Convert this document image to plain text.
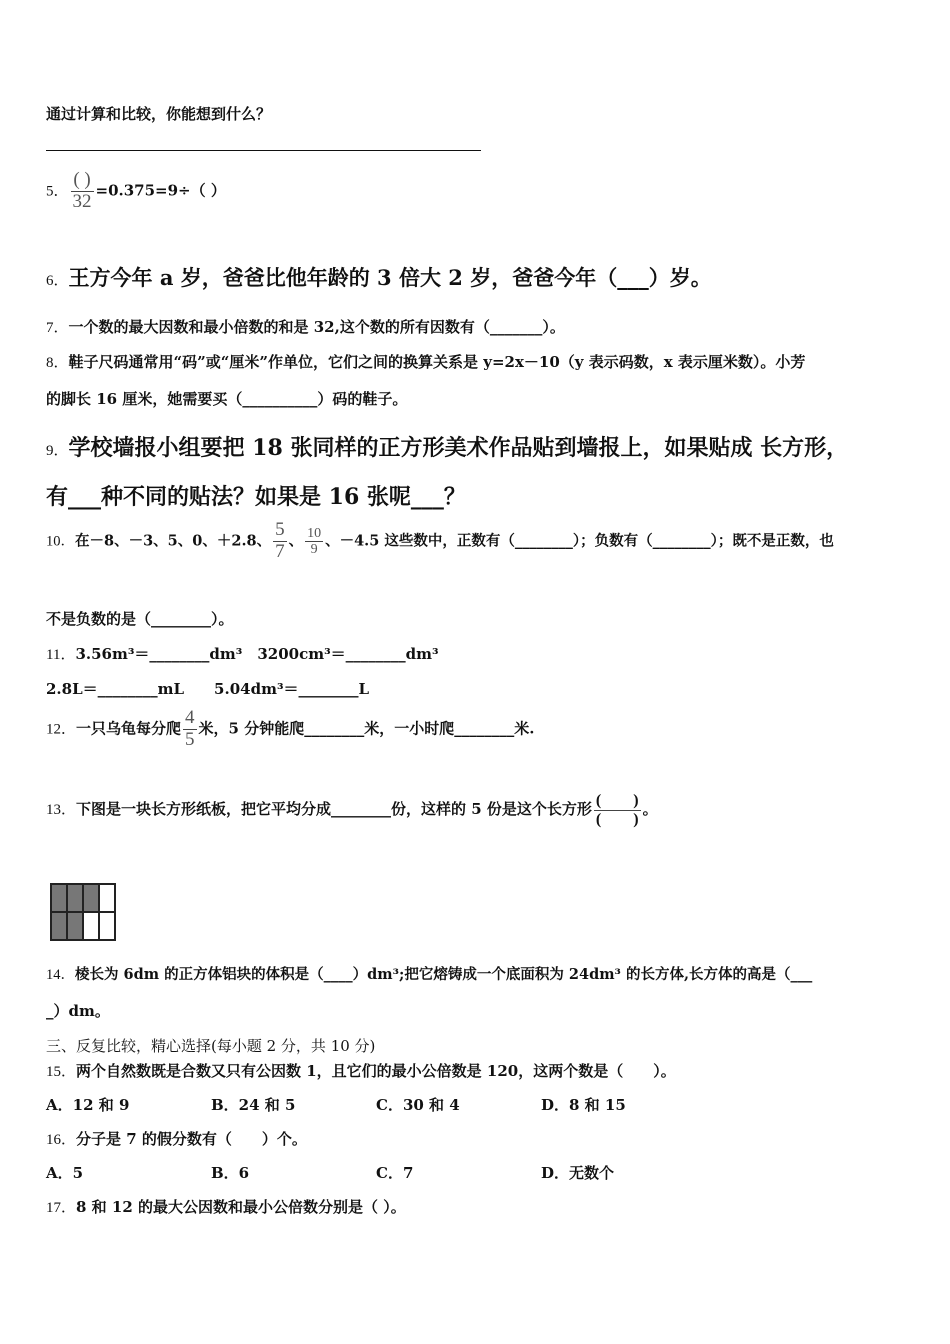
通过计算和比较，你能想到什么？
5． $\frac{( )}{32} =0.375=9\div$（ ）
6．王方今年 a 岁，爸爸比他年龄的 3 倍大 2 岁，爸爸今年（___）岁。
7．一个数的最大因数和最小倍数的和是 32,这个数的所有因数有（_______）。
8．鞋子尺码通常用“码”或“厘米”作单位，它们之间的换算关系是 y=2x－10（y 表示码数，x 表示厘米数）。小芳
的脚长 16 厘米，她需要买（__________）码的鞋子。
9．学校墙报小组要把 18 张同样的正方形美术作品贴到墙报上，如果贴成 长方形，
有___种不同的贴法？如果是 16 张呢___？
10．在－8、－3、5、0、＋2.8、 $\frac{5}{7}$ 、 $\frac{10}{9}$ 、－4.5 这些数中，正数有（________）；负数有（________）；既不是正数，也
不是负数的是（________）。
11．3.56m³＝________dm³　3200cm³＝________dm³
2.8L＝________mL　　5.04dm³＝________L
12．一只乌龟每分爬 $\frac{4}{5}$ 米，5 分钟能爬________米，一小时爬________米.
13．下图是一块长方形纸板，把它平均分成________份，这样的 5 份是这个长方形 $\frac{( )}{( )}$ 。
14．棱长为 6dm 的正方体铝块的体积是（____）dm³;把它熔铸成一个底面积为 24dm³ 的长方体,长方体的高是（___
_）dm。
三、反复比较，精心选择(每小题 2 分，共 10 分)
15．两个自然数既是合数又只有公因数 1，且它们的最小公倍数是 120，这两个数是（　　）。
A．12 和 9	B．24 和 5	C．30 和 4	D．8 和 15
16．分子是 7 的假分数有（　　）个。
A．5	B．6	C．7	D．无数个
17．8 和 12 的最大公因数和最小公倍数分别是（ ）。
